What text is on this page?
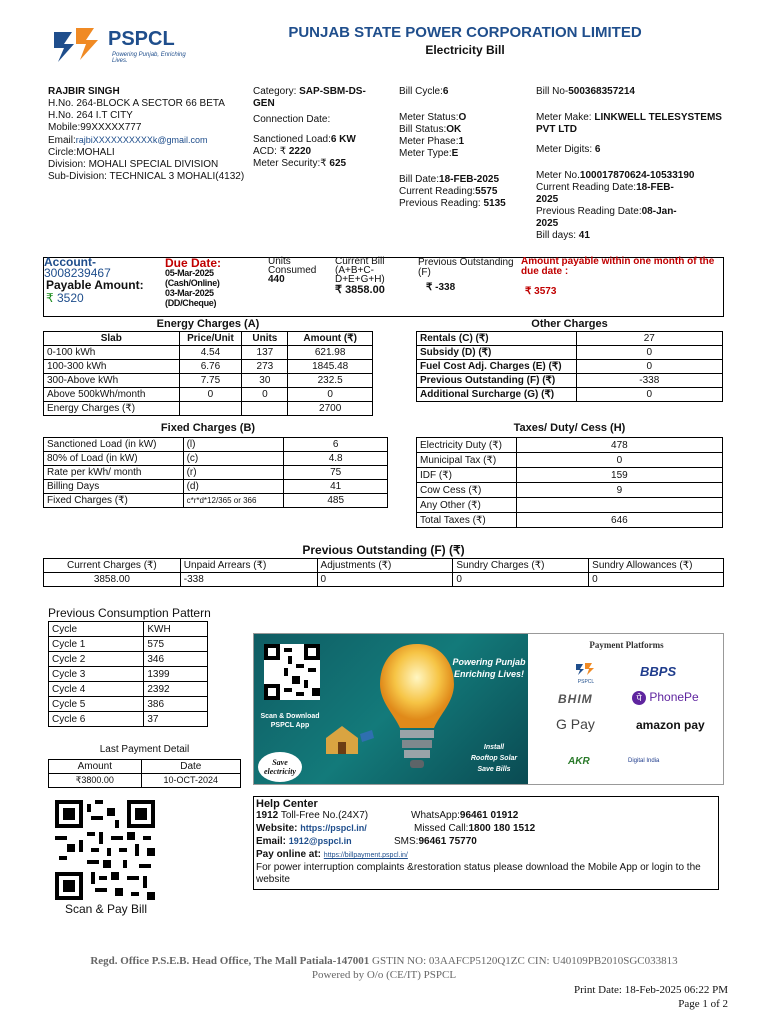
PSPCL
Powering Punjab, Enriching Lives.
PUNJAB STATE POWER CORPORATION LIMITED
Electricity Bill
RAJBIR SINGH
H.No. 264-BLOCK A SECTOR 66 BETA
H.No. 264 I.T CITY
Mobile:99XXXXX777
Email:rajbiXXXXXXXXXXk@gmail.com
Circle:MOHALI
Division: MOHALI SPECIAL DIVISION
Sub-Division: TECHNICAL 3 MOHALI(4132)
Category: SAP-SBM-DS-
GEN
Connection Date:
Sanctioned Load:6 KW
ACD: ₹ 2220
Meter Security:₹ 625
Bill Cycle:6
Meter Status:O
Bill Status:OK
Meter Phase:1
Meter Type:E
Bill Date:18-FEB-2025
Current Reading:5575
Previous Reading: 5135
Bill No-500368357214
Meter Make: LINKWELL TELESYSTEMS
PVT LTD
Meter Digits: 6
Meter No.100017870624-10533190
Current Reading Date:18-FEB-
2025
Previous Reading Date:08-Jan-
2025
Bill days: 41
Account-
3008239467
Payable Amount:
₹ 3520
Due Date:
05-Mar-2025
(Cash/Online)
03-Mar-2025
(DD/Cheque)
Units
Consumed
440
Current Bill
(A+B+C-
D+E+G+H)
₹ 3858.00
Previous Outstanding
(F)
₹ -338
Amount payable within one month of the
due date :
₹ 3573
Energy Charges (A)
Slab	Price/Unit	Units	Amount (₹)
0-100 kWh	4.54	137	621.98
100-300 kWh	6.76	273	1845.48
300-Above kWh	7.75	30	232.5
Above 500kWh/month	0	0	0
Energy Charges (₹)			2700
Other Charges
Rentals (C) (₹)	27
Subsidy (D) (₹)	0
Fuel Cost Adj. Charges (E) (₹)	0
Previous Outstanding (F) (₹)	-338
Additional Surcharge (G) (₹)	0
Fixed Charges (B)
Sanctioned Load (in kW)	(l)	6
80% of Load (in kW)	(c)	4.8
Rate per kWh/ month	(r)	75
Billing Days	(d)	41
Fixed Charges (₹)	c*r*d*12/365 or 366	485
Taxes/ Duty/ Cess (H)
Electricity Duty (₹)	478
Municipal Tax (₹)	0
IDF (₹)	159
Cow Cess (₹)	9
Any Other (₹)	
Total Taxes (₹)	646
Previous Outstanding (F) (₹)
Current Charges (₹)	Unpaid Arrears (₹)	Adjustments (₹)	Sundry Charges (₹)	Sundry Allowances (₹)
3858.00	-338	0	0	0
Previous Consumption Pattern
Cycle	KWH
Cycle 1	575
Cycle 2	346
Cycle 3	1399
Cycle 4	2392
Cycle 5	386
Cycle 6	37
Last Payment Detail
Amount	Date
₹3800.00	10-OCT-2024
Scan & Pay Bill
Scan & Download
PSPCL App
Powering Punjab
Enriching Lives!
Save
electricity
Install
Rooftop Solar
Save Bills
Payment Platforms
PSPCL
BBPS
BHIM	पे PhonePe
G Pay	amazon pay
AKR	Digital India
Help Center
1912 Toll-Free No.(24X7)	WhatsApp:96461 01912
Website: https://pspcl.in/	Missed Call:1800 180 1512
Email: 1912@pspcl.in	SMS:96461 75770
Pay online at: https://billpayment.pspcl.in/
For power interruption complaints &restoration status please download the Mobile App or login to the website
Regd. Office P.S.E.B. Head Office, The Mall Patiala-147001 GSTIN NO: 03AAFCP5120Q1ZC CIN: U40109PB2010SGC033813
Powered by O/o (CE/IT) PSPCL
Print Date: 18-Feb-2025 06:22 PM
Page 1 of 2
